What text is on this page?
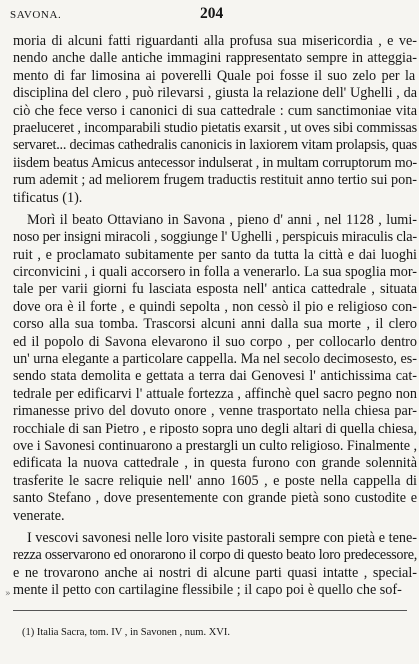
SAVONA.	204
moria di alcuni fatti riguardanti alla profusa sua misericordia , e ve-
nendo anche dalle antiche immagini rappresentato sempre in atteggia-
mento di far limosina ai poverelli Quale poi fosse il suo zelo per la
disciplina del clero , può rilevarsi , giusta la relazione dell' Ughelli , da
ciò che fece verso i canonici di sua cattedrale : cum sanctimoniae vita
praeluceret , incomparabili studio pietatis exarsit , ut oves sibi commissas
servaret... decimas cathedralis canonicis in laxiorem vitam prolapsis, quas
iisdem beatus Amicus antecessor indulserat , in multam corruptorum mo-
rum ademit ; ad meliorem frugem traductis restituit anno tertio sui pon-
tificatus (1).
Morì il beato Ottaviano in Savona , pieno d' anni , nel 1128 , lumi-
noso per insigni miracoli , soggiunge l' Ughelli , perspicuis miraculis cla-
ruit , e proclamato subitamente per santo da tutta la città e dai luoghi
circonvicini , i quali accorsero in folla a venerarlo. La sua spoglia mor-
tale per varii giorni fu lasciata esposta nell' antica cattedrale , situata
dove ora è il forte , e quindi sepolta , non cessò il pio e religioso con-
corso alla sua tomba. Trascorsi alcuni anni dalla sua morte , il clero
ed il popolo di Savona elevarono il suo corpo , per collocarlo dentro
un' urna elegante a particolare cappella. Ma nel secolo decimosesto, es-
sendo stata demolita e gettata a terra dai Genovesi l' antichissima cat-
tedrale per edificarvi l' attuale fortezza , affinchè quel sacro pegno non
rimanesse privo del dovuto onore , venne trasportato nella chiesa par-
rocchiale di san Pietro , e riposto sopra uno degli altari di quella chiesa,
ove i Savonesi continuarono a prestargli un culto religioso. Finalmente ,
edificata la nuova cattedrale , in questa furono con grande solennità
trasferite le sacre reliquie nell' anno 1605 , e poste nella cappella di
santo Stefano , dove presentemente con grande pietà sono custodite e
venerate.
I vescovi savonesi nelle loro visite pastorali sempre con pietà e tene-
rezza osservarono ed onorarono il corpo di questo beato loro predecessore,
e ne trovarono anche ai nostri di alcune parti quasi intatte , special-
mente il petto con cartilagine flessibile ; il capo poi è quello che sof-
»
(1) Italia Sacra, tom. IV , in Savonen , num. XVI.
